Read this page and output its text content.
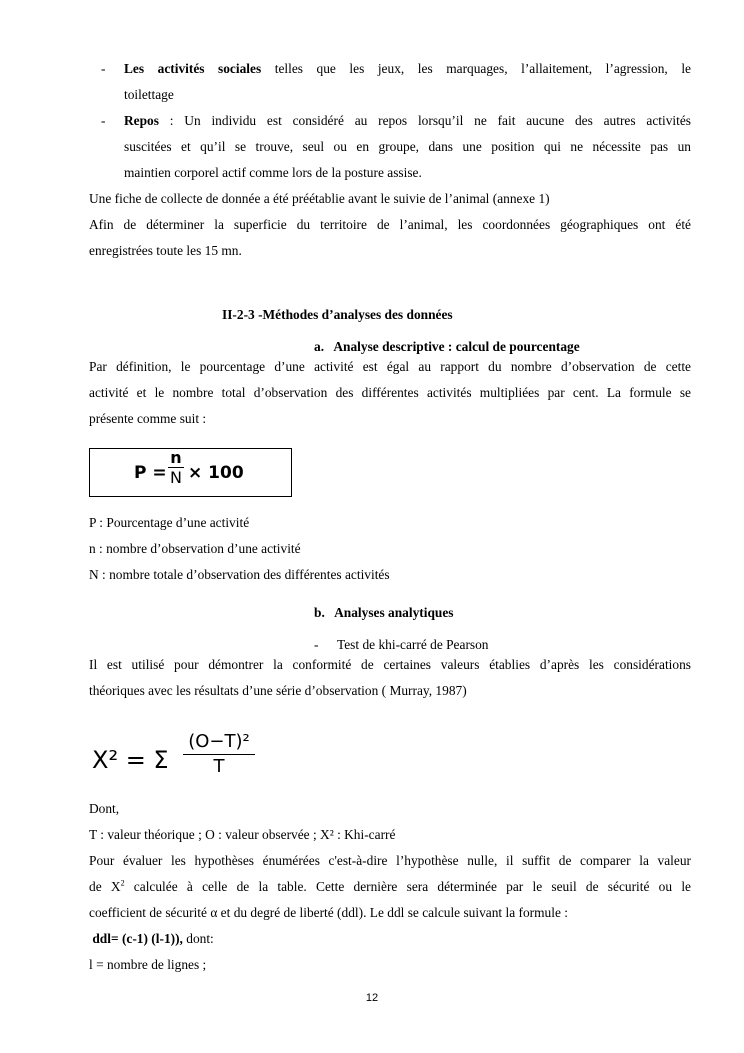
- Les activités sociales telles que les jeux, les marquages, l’allaitement, l’agression, le
toilettage
- Repos : Un individu est considéré au repos lorsqu’il ne fait aucune des autres activités
suscitées et qu’il se trouve, seul ou en groupe, dans une position qui ne nécessite pas un
maintien corporel actif comme lors de la posture assise.
Une fiche de collecte de donnée a été préétablie avant le suivie de l’animal (annexe 1)
Afin de déterminer la superficie du territoire de l’animal, les coordonnées géographiques ont été
enregistrées toute les 15 mn.
II-2-3 -Méthodes d’analyses des données
a.   Analyse descriptive : calcul de pourcentage
Par définition, le pourcentage d’une activité est égal au rapport du nombre d’observation de cette
activité et le nombre total d’observation des différentes activités multipliées par cent. La formule se
présente comme suit :
P =
n
N × 100
P : Pourcentage d’une activité
n : nombre d’observation d’une activité
N : nombre totale d’observation des différentes activités
b.   Analyses analytiques
- Test de khi-carré de Pearson
Il est utilisé pour démontrer la conformité de certaines valeurs établies d’après les considérations
théoriques avec les résultats d’une série d’observation ( Murray, 1987)
X² = Σ
(O−T)²
T
Dont,
T : valeur théorique ; O : valeur observée ; X² : Khi-carré
Pour évaluer les hypothèses énumérées c'est-à-dire l’hypothèse nulle, il suffit de comparer la valeur
de $X^2$ calculée à celle de la table. Cette dernière sera déterminée par le seuil de sécurité ou le
coefficient de sécurité α et du degré de liberté (ddl). Le ddl se calcule suivant la formule :
ddl= (c-1) (l-1)), dont:
l = nombre de lignes ;
12
